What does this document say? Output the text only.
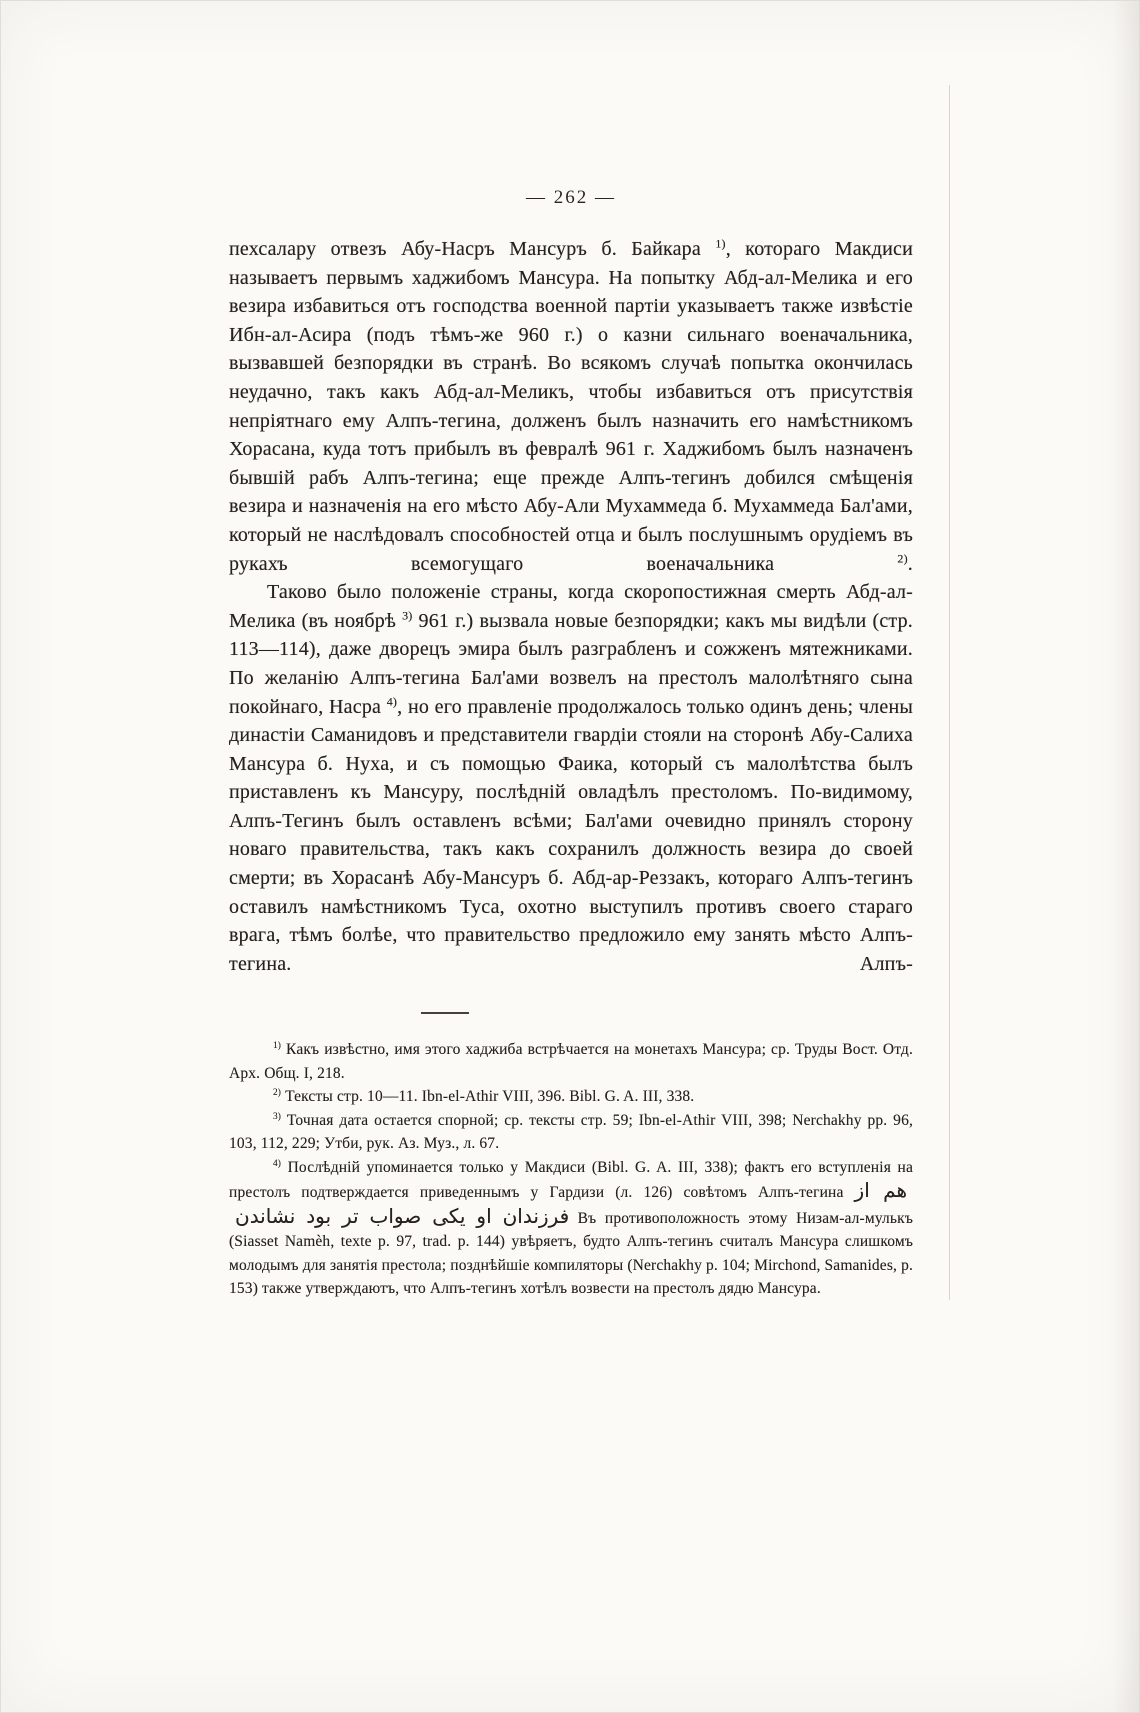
— 262 —

пехсалару отвезъ Абу-Насръ Мансуръ б. Байкара $^{1)}$, котораго Макдиси называетъ первымъ хаджибомъ Мансура. На попытку Абд-ал-Мелика и его везира избавиться отъ господства военной партіи указываетъ также извѣстіе Ибн-ал-Асира (подъ тѣмъ-же 960 г.) о казни сильнаго военачальника, вызвавшей безпорядки въ странѣ. Во всякомъ случаѣ попытка окончилась неудачно, такъ какъ Абд-ал-Меликъ, чтобы избавиться отъ присутствія непріятнаго ему Алпъ-тегина, долженъ былъ назначить его намѣстникомъ Хорасана, куда тотъ прибылъ въ февралѣ 961 г. Хаджибомъ былъ назначенъ бывшій рабъ Алпъ-тегина; еще прежде Алпъ-тегинъ добился смѣщенія везира и назначенія на его мѣсто Абу-Али Мухаммеда б. Мухаммеда Бал'ами, который не наслѣдовалъ способностей отца и былъ послушнымъ орудіемъ въ рукахъ всемогущаго военачальника $^{2)}$.

Таково было положеніе страны, когда скоропостижная смерть Абд-ал-Мелика (въ ноябрѣ $^{3)}$ 961 г.) вызвала новые безпорядки; какъ мы видѣли (стр. 113—114), даже дворецъ эмира былъ разграбленъ и сожженъ мятежниками. По желанію Алпъ-тегина Бал'ами возвелъ на престолъ малолѣтняго сына покойнаго, Насра $^{4)}$, но его правленіе продолжалось только одинъ день; члены династіи Саманидовъ и представители гвардіи стояли на сторонѣ Абу-Салиха Мансура б. Нуха, и съ помощью Фаика, который съ малолѣтства былъ приставленъ къ Мансуру, послѣдній овладѣлъ престоломъ. По-видимому, Алпъ-Тегинъ былъ оставленъ всѣми; Бал'ами очевидно принялъ сторону новаго правительства, такъ какъ сохранилъ должность везира до своей смерти; въ Хорасанѣ Абу-Мансуръ б. Абд-ар-Реззакъ, котораго Алпъ-тегинъ оставилъ намѣстникомъ Туса, охотно выступилъ противъ своего стараго врага, тѣмъ болѣе, что правительство предложило ему занять мѣсто Алпъ-тегина. Алпъ-

$^{1)}$ Какъ извѣстно, имя этого хаджиба встрѣчается на монетахъ Мансура; ср. Труды Вост. Отд. Арх. Общ. I, 218.

$^{2)}$ Тексты стр. 10—11. Ibn-el-Athir VIII, 396. Bibl. G. A. III, 338.

$^{3)}$ Точная дата остается спорной; ср. тексты стр. 59; Ibn-el-Athir VIII, 398; Nerchakhy pp. 96, 103, 112, 229; Утби, рук. Аз. Муз., л. 67.

$^{4)}$ Послѣдній упоминается только у Макдиси (Bibl. G. A. III, 338); фактъ его вступленія на престолъ подтверждается приведеннымъ у Гардизи (л. 126) совѣтомъ Алпъ-тегина هم از فرزندان او يكى صواب تر بود نشاندن Въ противоположность этому Низам-ал-мулькъ (Siasset Namèh, texte p. 97, trad. p. 144) увѣряетъ, будто Алпъ-тегинъ считалъ Мансура слишкомъ молодымъ для занятія престола; позднѣйшіе компиляторы (Nerchakhy p. 104; Mirchond, Samanides, p. 153) также утверждаютъ, что Алпъ-тегинъ хотѣлъ возвести на престолъ дядю Мансура.
